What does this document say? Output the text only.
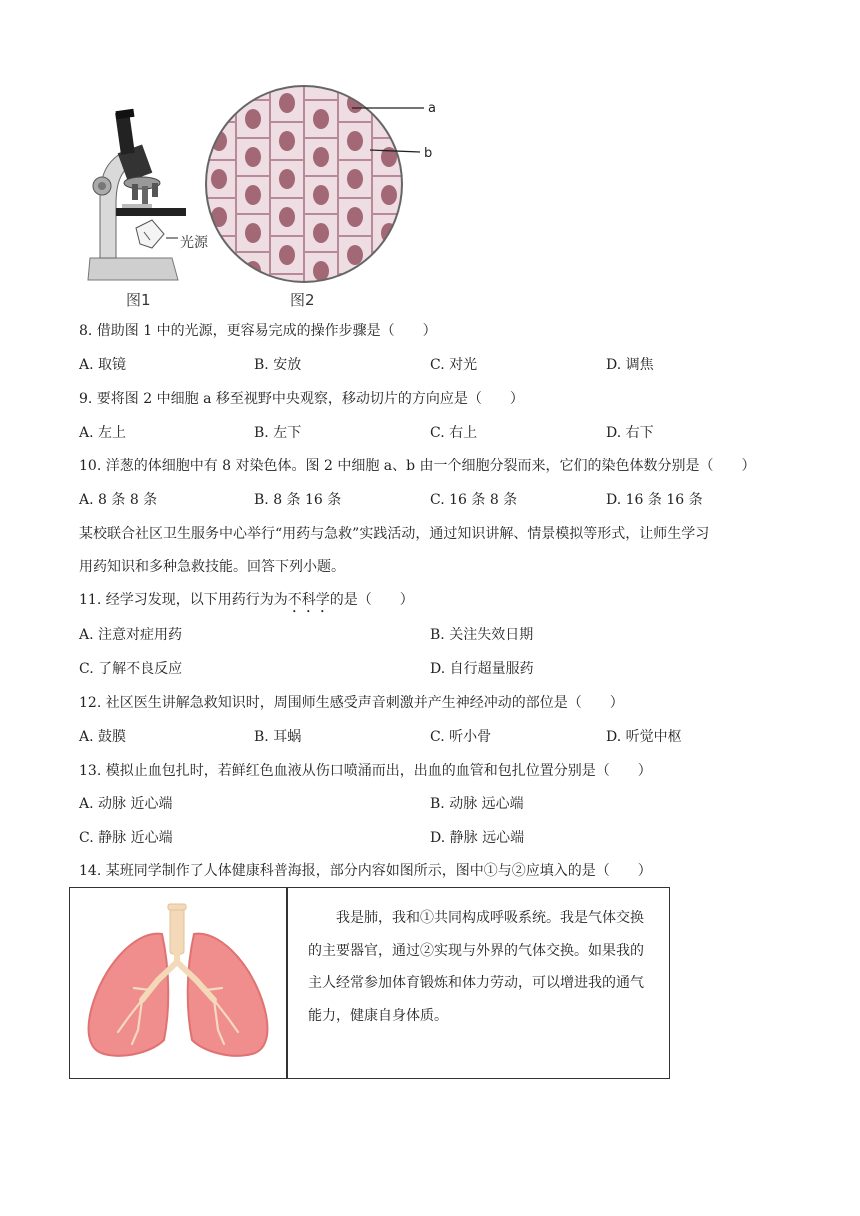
光源
图1
a
b
图2
8. 借助图 1 中的光源，更容易完成的操作步骤是（　　）
A. 取镜	B. 安放	C. 对光	D. 调焦
9. 要将图 2 中细胞 a 移至视野中央观察，移动切片的方向应是（　　）
A. 左上	B. 左下	C. 右上	D. 右下
10. 洋葱的体细胞中有 8 对染色体。图 2 中细胞 a、b 由一个细胞分裂而来，它们的染色体数分别是（　　）
A. 8 条 8 条	B. 8 条 16 条	C. 16 条 8 条	D. 16 条 16 条
某校联合社区卫生服务中心举行“用药与急救”实践活动，通过知识讲解、情景模拟等形式，让师生学习
用药知识和多种急救技能。回答下列小题。
11. 经学习发现，以下用药行为为不科学的是（　　）
A. 注意对症用药	B. 关注失效日期
C. 了解不良反应	D. 自行超量服药
12. 社区医生讲解急救知识时，周围师生感受声音刺激并产生神经冲动的部位是（　　）
A. 鼓膜	B. 耳蜗	C. 听小骨	D. 听觉中枢
13. 模拟止血包扎时，若鲜红色血液从伤口喷涌而出，出血的血管和包扎位置分别是（　　）
A. 动脉 近心端	B. 动脉 远心端
C. 静脉 近心端	D. 静脉 远心端
14. 某班同学制作了人体健康科普海报，部分内容如图所示，图中①与②应填入的是（　　）
我是肺，我和①共同构成呼吸系统。我是气体交换的主要器官，通过②实现与外界的气体交换。如果我的主人经常参加体育锻炼和体力劳动，可以增进我的通气能力，健康自身体质。
